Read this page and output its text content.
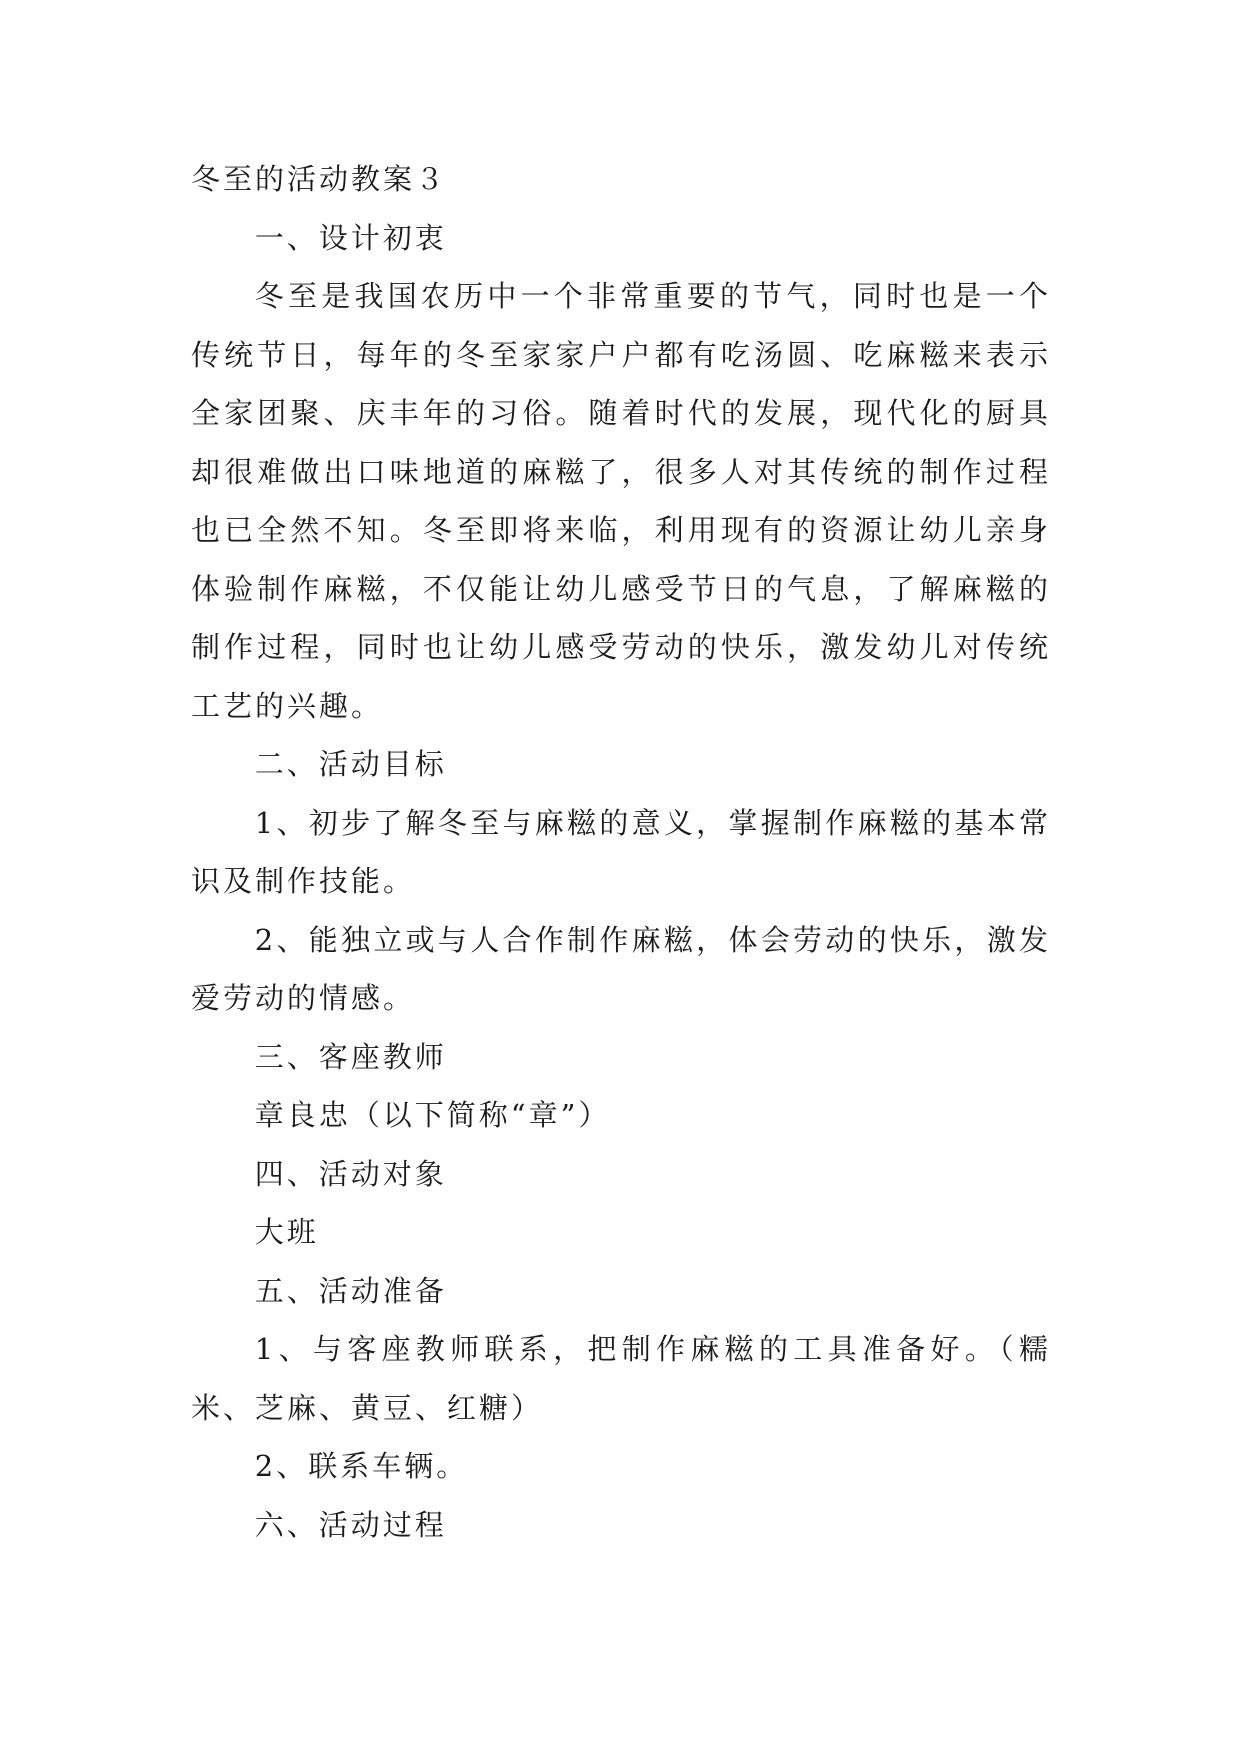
冬至的活动教案３

一、设计初衷

冬至是我国农历中一个非常重要的节气，同时也是一个传统节日，每年的冬至家家户户都有吃汤圆、吃麻糍来表示全家团聚、庆丰年的习俗。随着时代的发展，现代化的厨具却很难做出口味地道的麻糍了，很多人对其传统的制作过程也已全然不知。冬至即将来临，利用现有的资源让幼儿亲身体验制作麻糍，不仅能让幼儿感受节日的气息，了解麻糍的制作过程，同时也让幼儿感受劳动的快乐，激发幼儿对传统工艺的兴趣。

二、活动目标

1、初步了解冬至与麻糍的意义，掌握制作麻糍的基本常识及制作技能。

2、能独立或与人合作制作麻糍，体会劳动的快乐，激发爱劳动的情感。

三、客座教师

章良忠（以下简称“章”）

四、活动对象

大班

五、活动准备

1、与客座教师联系，把制作麻糍的工具准备好。（糯米、芝麻、黄豆、红糖）

2、联系车辆。

六、活动过程
